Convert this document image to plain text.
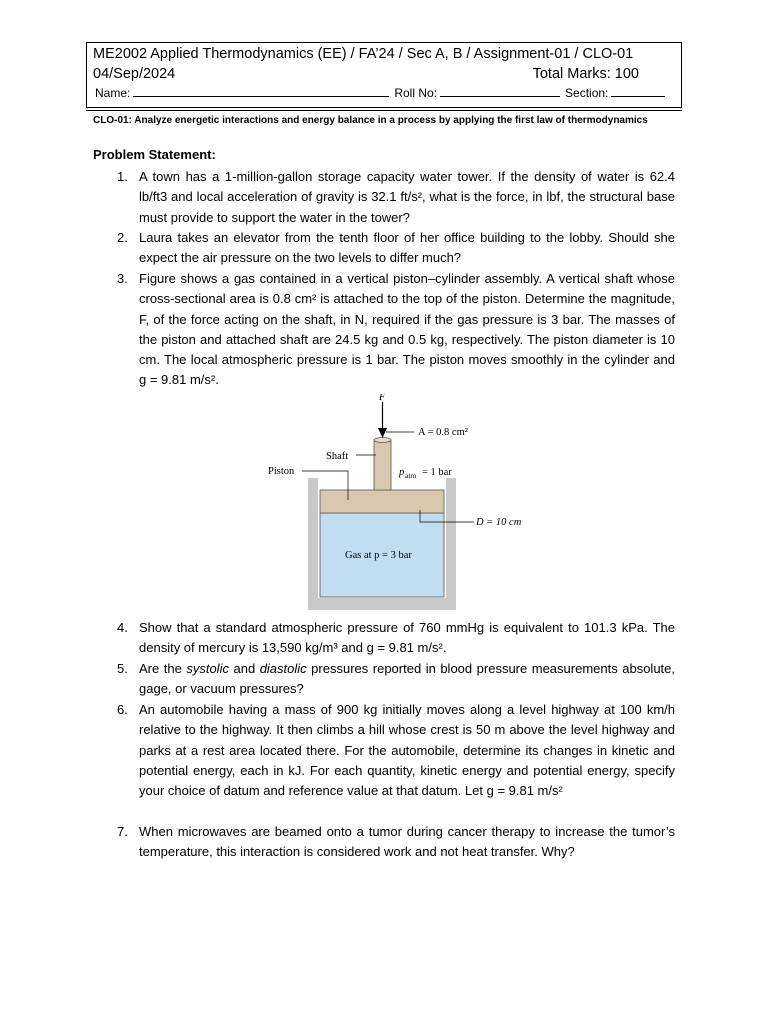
ME2002 Applied Thermodynamics (EE) / FA’24 / Sec A, B / Assignment-01 / CLO-01
04/Sep/2024	Total Marks: 100
Name:	Roll No:	Section:
CLO-01: Analyze energetic interactions and energy balance in a process by applying the first law of thermodynamics
Problem Statement:
1. A town has a 1-million-gallon storage capacity water tower. If the density of water is 62.4 lb/ft3 and local acceleration of gravity is 32.1 ft/s², what is the force, in lbf, the structural base must provide to support the water in the tower?
2. Laura takes an elevator from the tenth floor of her office building to the lobby. Should she expect the air pressure on the two levels to differ much?
3. Figure shows a gas contained in a vertical piston–cylinder assembly. A vertical shaft whose cross-sectional area is 0.8 cm² is attached to the top of the piston. Determine the magnitude, F, of the force acting on the shaft, in N, required if the gas pressure is 3 bar. The masses of the piston and attached shaft are 24.5 kg and 0.5 kg, respectively. The piston diameter is 10 cm. The local atmospheric pressure is 1 bar. The piston moves smoothly in the cylinder and g = 9.81 m/s².
F
A = 0.8 cm²
Shaft
Piston	p atm = 1 bar
D = 10 cm
Gas at p = 3 bar
4. Show that a standard atmospheric pressure of 760 mmHg is equivalent to 101.3 kPa. The density of mercury is 13,590 kg/m³ and g = 9.81 m/s².
5. Are the systolic and diastolic pressures reported in blood pressure measurements absolute, gage, or vacuum pressures?
6. An automobile having a mass of 900 kg initially moves along a level highway at 100 km/h relative to the highway. It then climbs a hill whose crest is 50 m above the level highway and parks at a rest area located there. For the automobile, determine its changes in kinetic and potential energy, each in kJ. For each quantity, kinetic energy and potential energy, specify your choice of datum and reference value at that datum. Let g = 9.81 m/s²
7. When microwaves are beamed onto a tumor during cancer therapy to increase the tumor’s temperature, this interaction is considered work and not heat transfer. Why?
